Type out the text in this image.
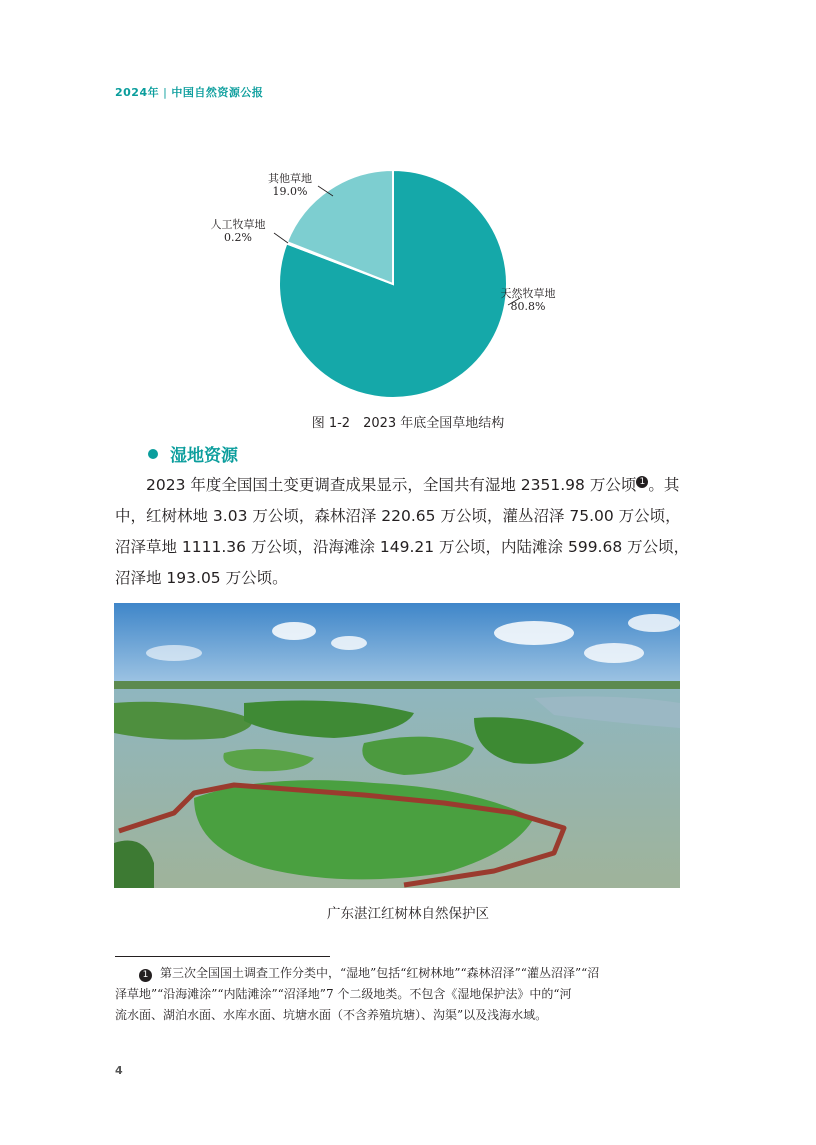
2024年 | 中国自然资源公报
天然牧草地
80.8%
人工牧草地
0.2%
其他草地
19.0%
图 1-2　2023 年底全国草地结构
湿地资源

2023 年度全国国土变更调查成果显示，全国共有湿地 2351.98 万公顷 1 。其

中，红树林地 3.03 万公顷，森林沼泽 220.65 万公顷，灌丛沼泽 75.00 万公顷，

沼泽草地 1111.36 万公顷，沿海滩涂 149.21 万公顷，内陆滩涂 599.68 万公顷，

沼泽地 193.05 万公顷。

广东湛江红树林自然保护区

1 第三次全国国土调查工作分类中，“湿地”包括“红树林地”“森林沼泽”“灌丛沼泽”“沼

泽草地”“沿海滩涂”“内陆滩涂”“沼泽地”7 个二级地类。不包含《湿地保护法》中的“河

流水面、湖泊水面、水库水面、坑塘水面（不含养殖坑塘）、沟渠”以及浅海水域。

4
